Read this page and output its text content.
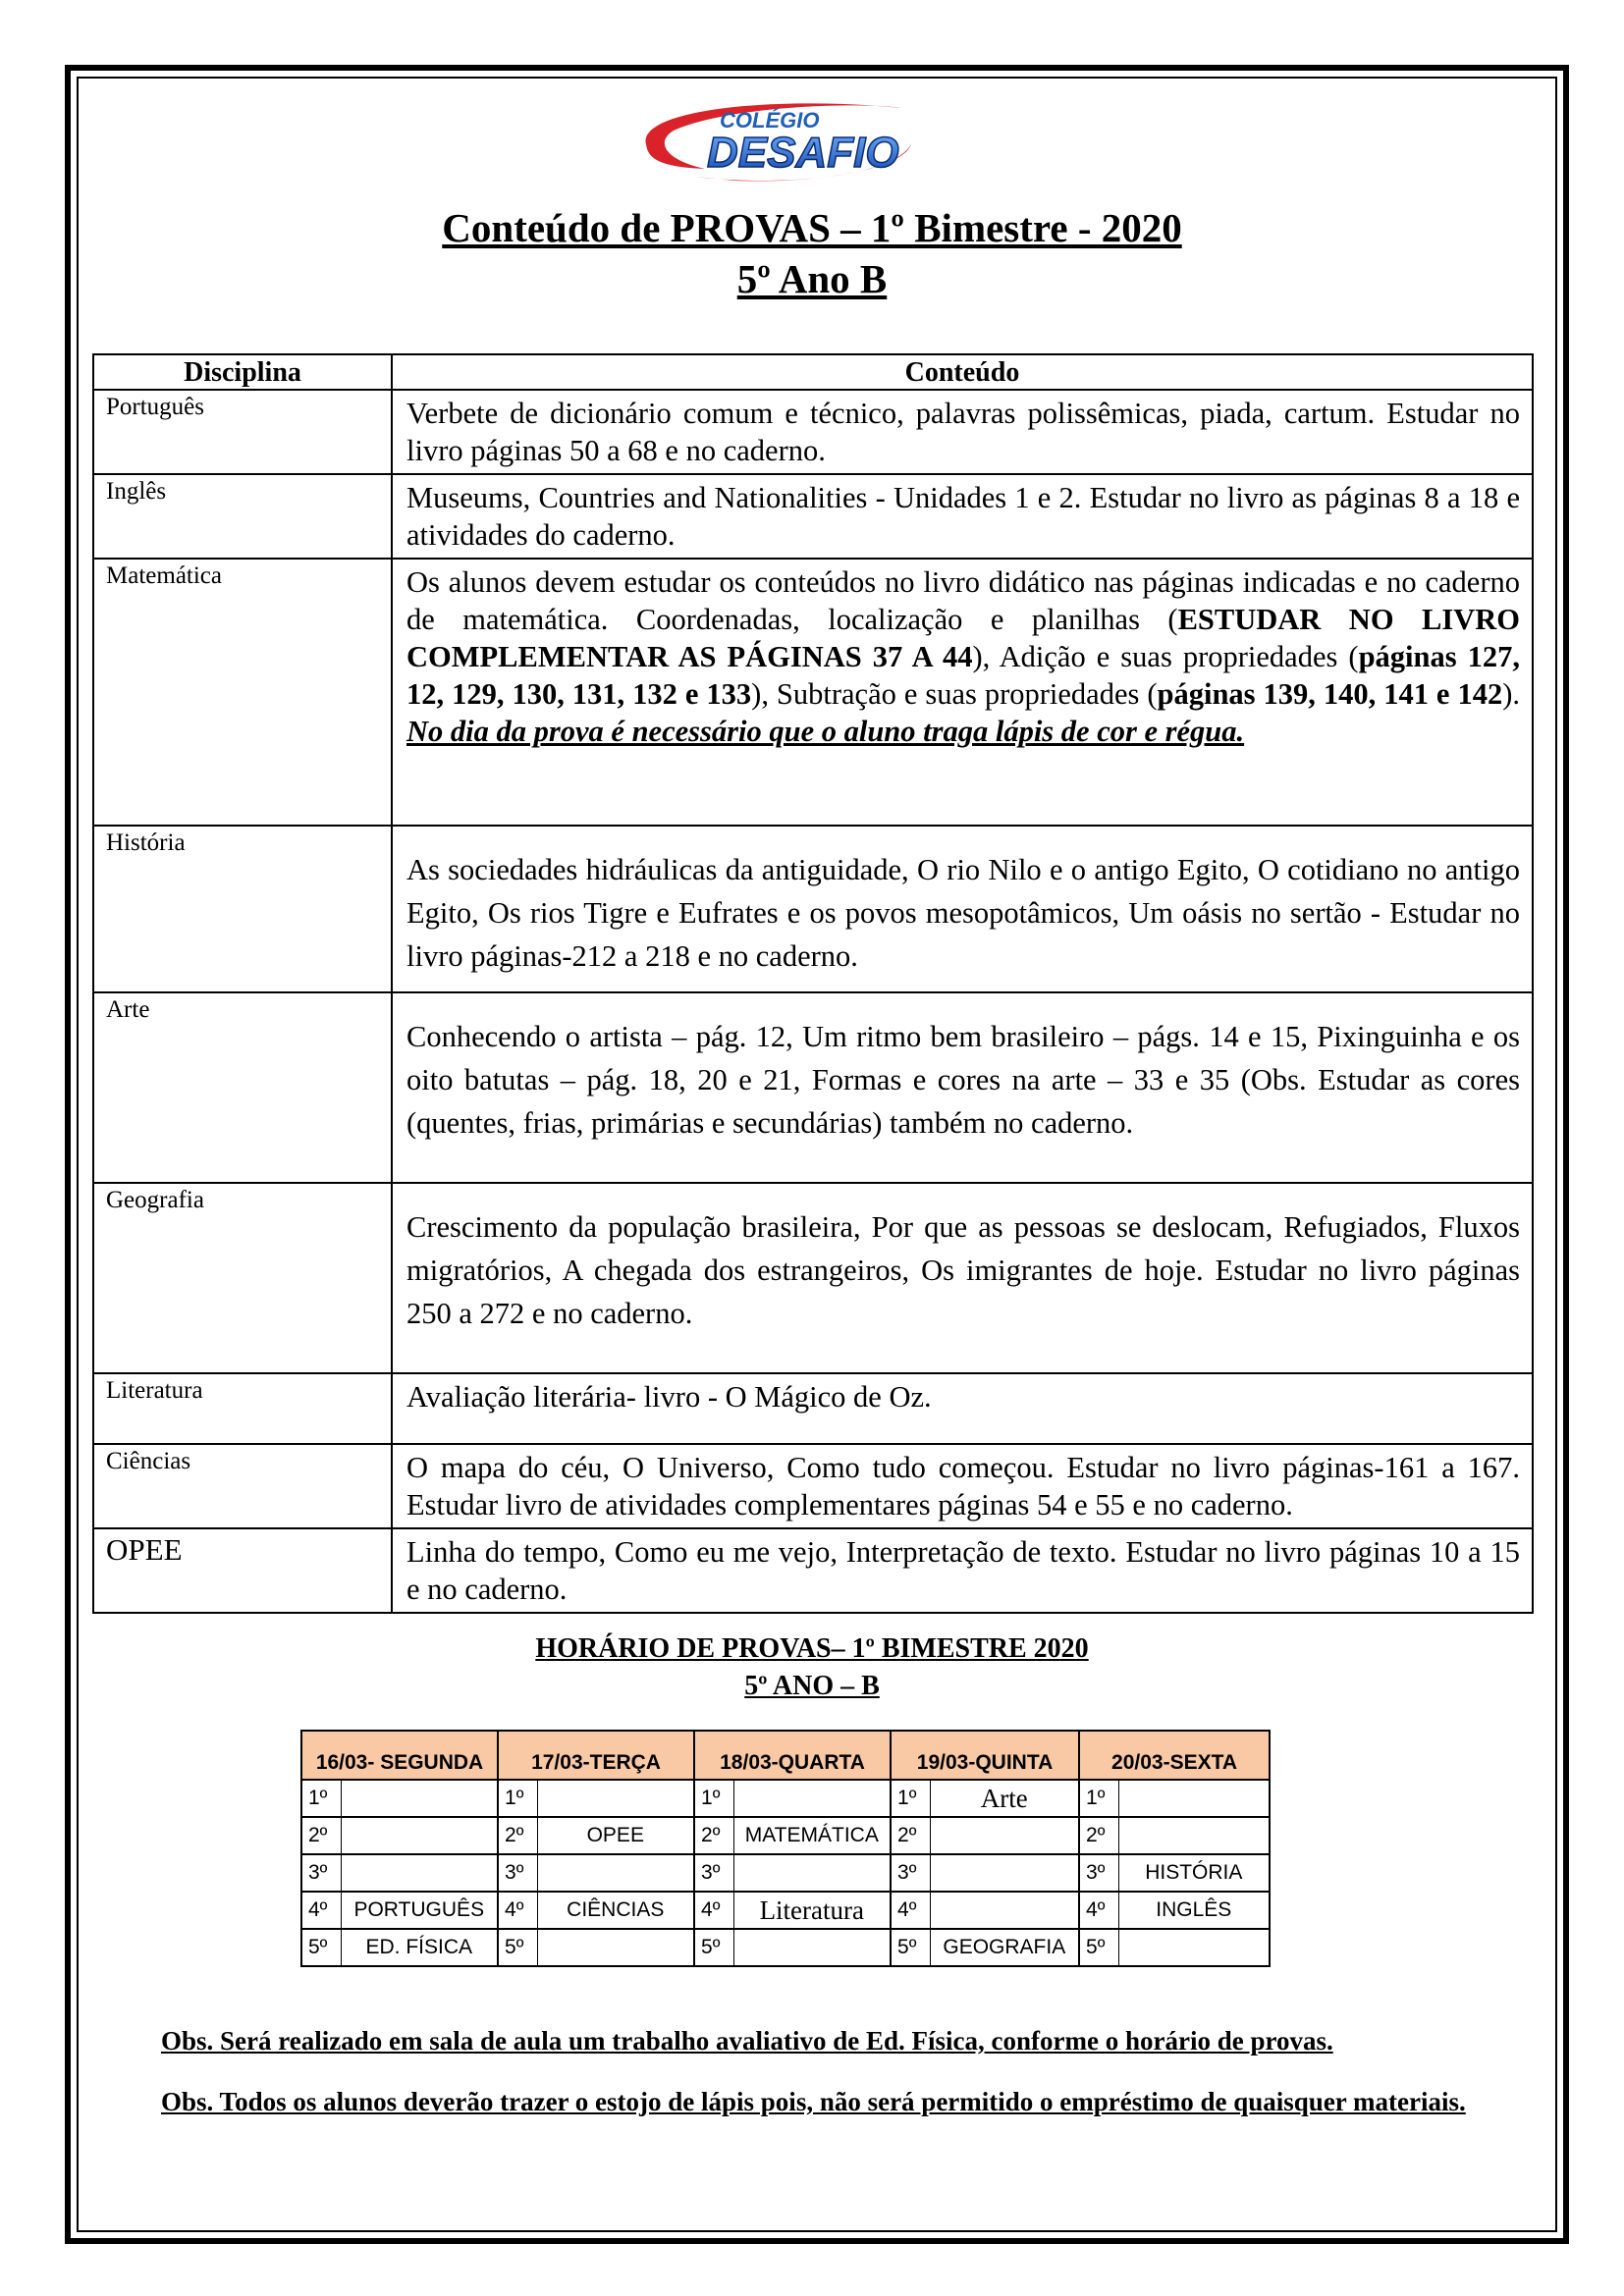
COLÉGIO
DESAFIO
Conteúdo de PROVAS – 1º Bimestre - 2020
5º Ano B
Disciplina	Conteúdo
Português	Verbete de dicionário comum e técnico, palavras polissêmicas, piada, cartum. Estudar no livro páginas 50 a 68 e no caderno.
Inglês	Museums, Countries and Nationalities - Unidades 1 e 2. Estudar no livro as páginas 8 a 18 e atividades do caderno.
Matemática	Os alunos devem estudar os conteúdos no livro didático nas páginas indicadas e no caderno de matemática. Coordenadas, localização e planilhas (ESTUDAR NO LIVRO COMPLEMENTAR AS PÁGINAS 37 A 44), Adição e suas propriedades (páginas 127, 12, 129, 130, 131, 132 e 133), Subtração e suas propriedades (páginas 139, 140, 141 e 142). No dia da prova é necessário que o aluno traga lápis de cor e régua.
História	As sociedades hidráulicas da antiguidade, O rio Nilo e o antigo Egito, O cotidiano no antigo Egito, Os rios Tigre e Eufrates e os povos mesopotâmicos, Um oásis no sertão - Estudar no livro páginas-212 a 218 e no caderno.
Arte	Conhecendo o artista – pág. 12, Um ritmo bem brasileiro – págs. 14 e 15, Pixinguinha e os oito batutas – pág. 18, 20 e 21, Formas e cores na arte – 33 e 35 (Obs. Estudar as cores (quentes, frias, primárias e secundárias) também no caderno.
Geografia	Crescimento da população brasileira, Por que as pessoas se deslocam, Refugiados, Fluxos migratórios, A chegada dos estrangeiros, Os imigrantes de hoje. Estudar no livro páginas 250 a 272 e no caderno.
Literatura	Avaliação literária- livro - O Mágico de Oz.
Ciências	O mapa do céu, O Universo, Como tudo começou. Estudar no livro páginas-161 a 167. Estudar livro de atividades complementares páginas 54 e 55 e no caderno.
OPEE	Linha do tempo, Como eu me vejo, Interpretação de texto. Estudar no livro páginas 10 a 15 e no caderno.
HORÁRIO DE PROVAS– 1º BIMESTRE 2020
5º ANO – B
16/03- SEGUNDA		17/03-TERÇA		18/03-QUARTA		19/03-QUINTA		20/03-SEXTA	
1º		1º		1º		1º	Arte	1º	
2º		2º	OPEE	2º	MATEMÁTICA	2º		2º	
3º		3º		3º		3º		3º	HISTÓRIA
4º	PORTUGUÊS	4º	CIÊNCIAS	4º	Literatura	4º		4º	INGLÊS
5º	ED. FÍSICA	5º		5º		5º	GEOGRAFIA	5º	
Obs. Será realizado em sala de aula um trabalho avaliativo de Ed. Física, conforme o horário de provas.
Obs. Todos os alunos deverão trazer o estojo de lápis pois, não será permitido o empréstimo de quaisquer materiais.
